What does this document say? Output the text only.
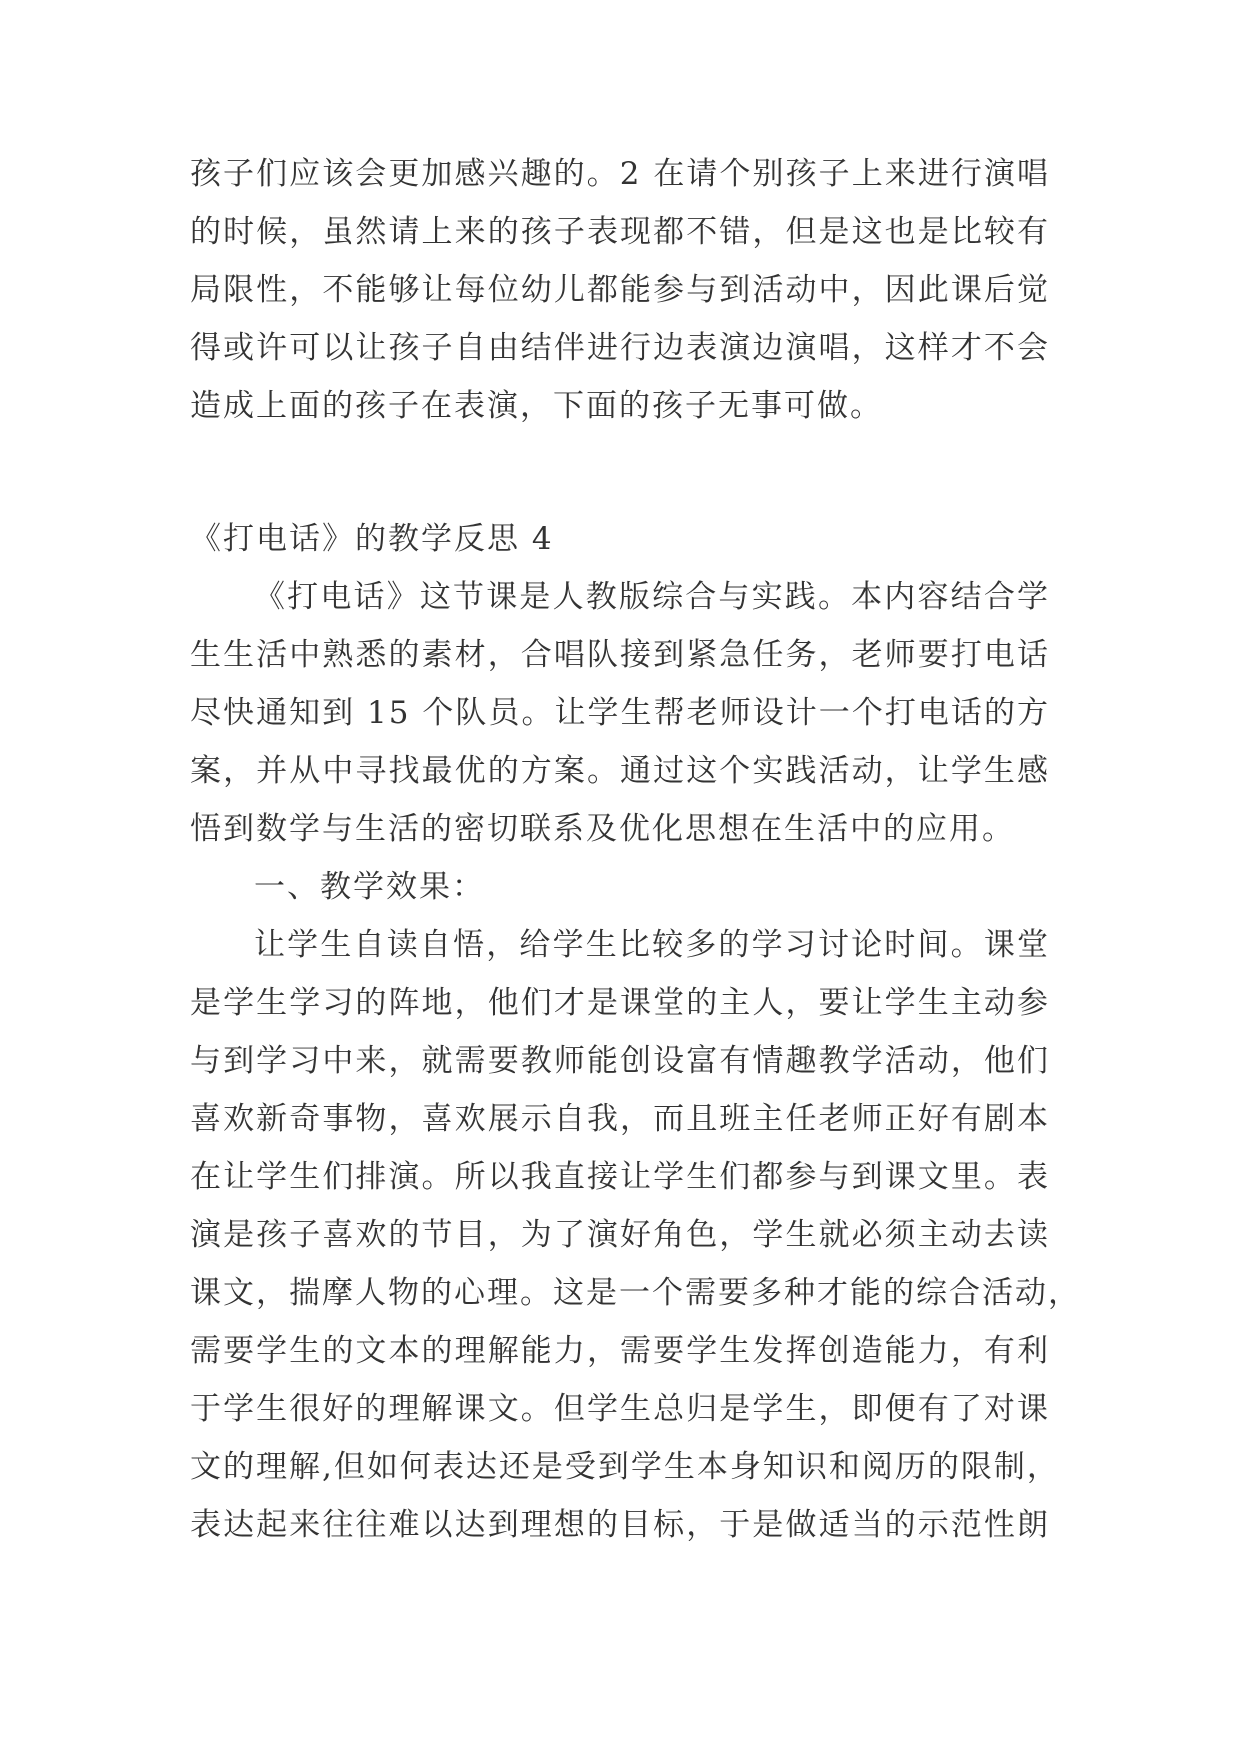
孩子们应该会更加感兴趣的。2 在请个别孩子上来进行演唱
的时候，虽然请上来的孩子表现都不错，但是这也是比较有
局限性，不能够让每位幼儿都能参与到活动中，因此课后觉
得或许可以让孩子自由结伴进行边表演边演唱，这样才不会
造成上面的孩子在表演，下面的孩子无事可做。
《打电话》的教学反思 4
《打电话》这节课是人教版综合与实践。本内容结合学
生生活中熟悉的素材，合唱队接到紧急任务，老师要打电话
尽快通知到 15 个队员。让学生帮老师设计一个打电话的方
案，并从中寻找最优的方案。通过这个实践活动，让学生感
悟到数学与生活的密切联系及优化思想在生活中的应用。
一、教学效果：
让学生自读自悟，给学生比较多的学习讨论时间。课堂
是学生学习的阵地，他们才是课堂的主人，要让学生主动参
与到学习中来，就需要教师能创设富有情趣教学活动，他们
喜欢新奇事物，喜欢展示自我，而且班主任老师正好有剧本
在让学生们排演。所以我直接让学生们都参与到课文里。表
演是孩子喜欢的节目，为了演好角色，学生就必须主动去读
课文，揣摩人物的心理。这是一个需要多种才能的综合活动，
需要学生的文本的理解能力，需要学生发挥创造能力，有利
于学生很好的理解课文。但学生总归是学生，即便有了对课
文的理解,但如何表达还是受到学生本身知识和阅历的限制，
表达起来往往难以达到理想的目标，于是做适当的示范性朗
